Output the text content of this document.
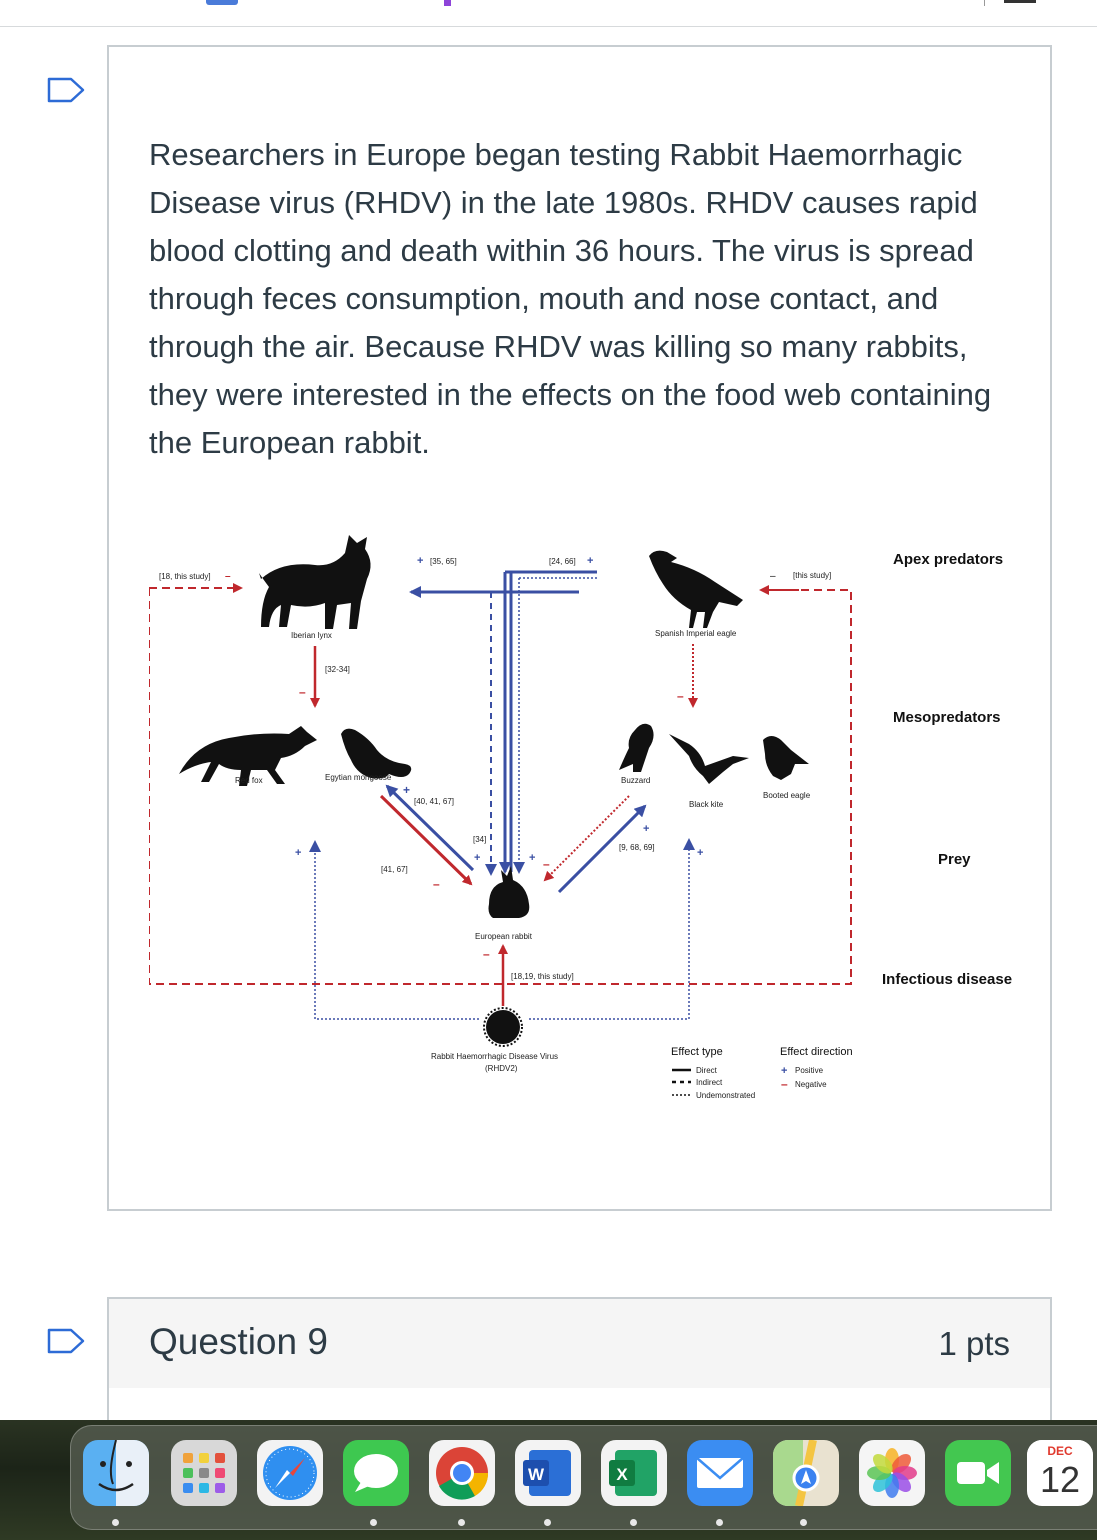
Researchers in Europe began testing Rabbit Haemorrhagic Disease virus (RHDV) in the late 1980s. RHDV causes rapid blood clotting and death within 36 hours. The virus is spread through feces consumption, mouth and nose contact, and through the air. Because RHDV was killing so many rabbits, they were interested in the effects on the food web containing the European rabbit.

Apex predators
Mesopredators
Prey
Infectious disease
[18, this study] –	[this study]
–
Iberian lynx
[32-34]
–
Spanish Imperial eagle
–
Red fox	Egytian mongoose
+
Buzzard
Black kite
Booted eagle
+ [35, 65]	[24, 66] +
[34]
+	+
[40, 41, 67]
[41, 67]
–
[9, 68, 69]
+
–
European rabbit
–
[18,19, this study]
+	+
Rabbit Haemorrhagic Disease Virus
(RHDV2)
Effect type
Direct
Indirect
Undemonstrated
Effect direction
+ Positive
– Negative
Question 9	1 pts
W	X
DEC
12
